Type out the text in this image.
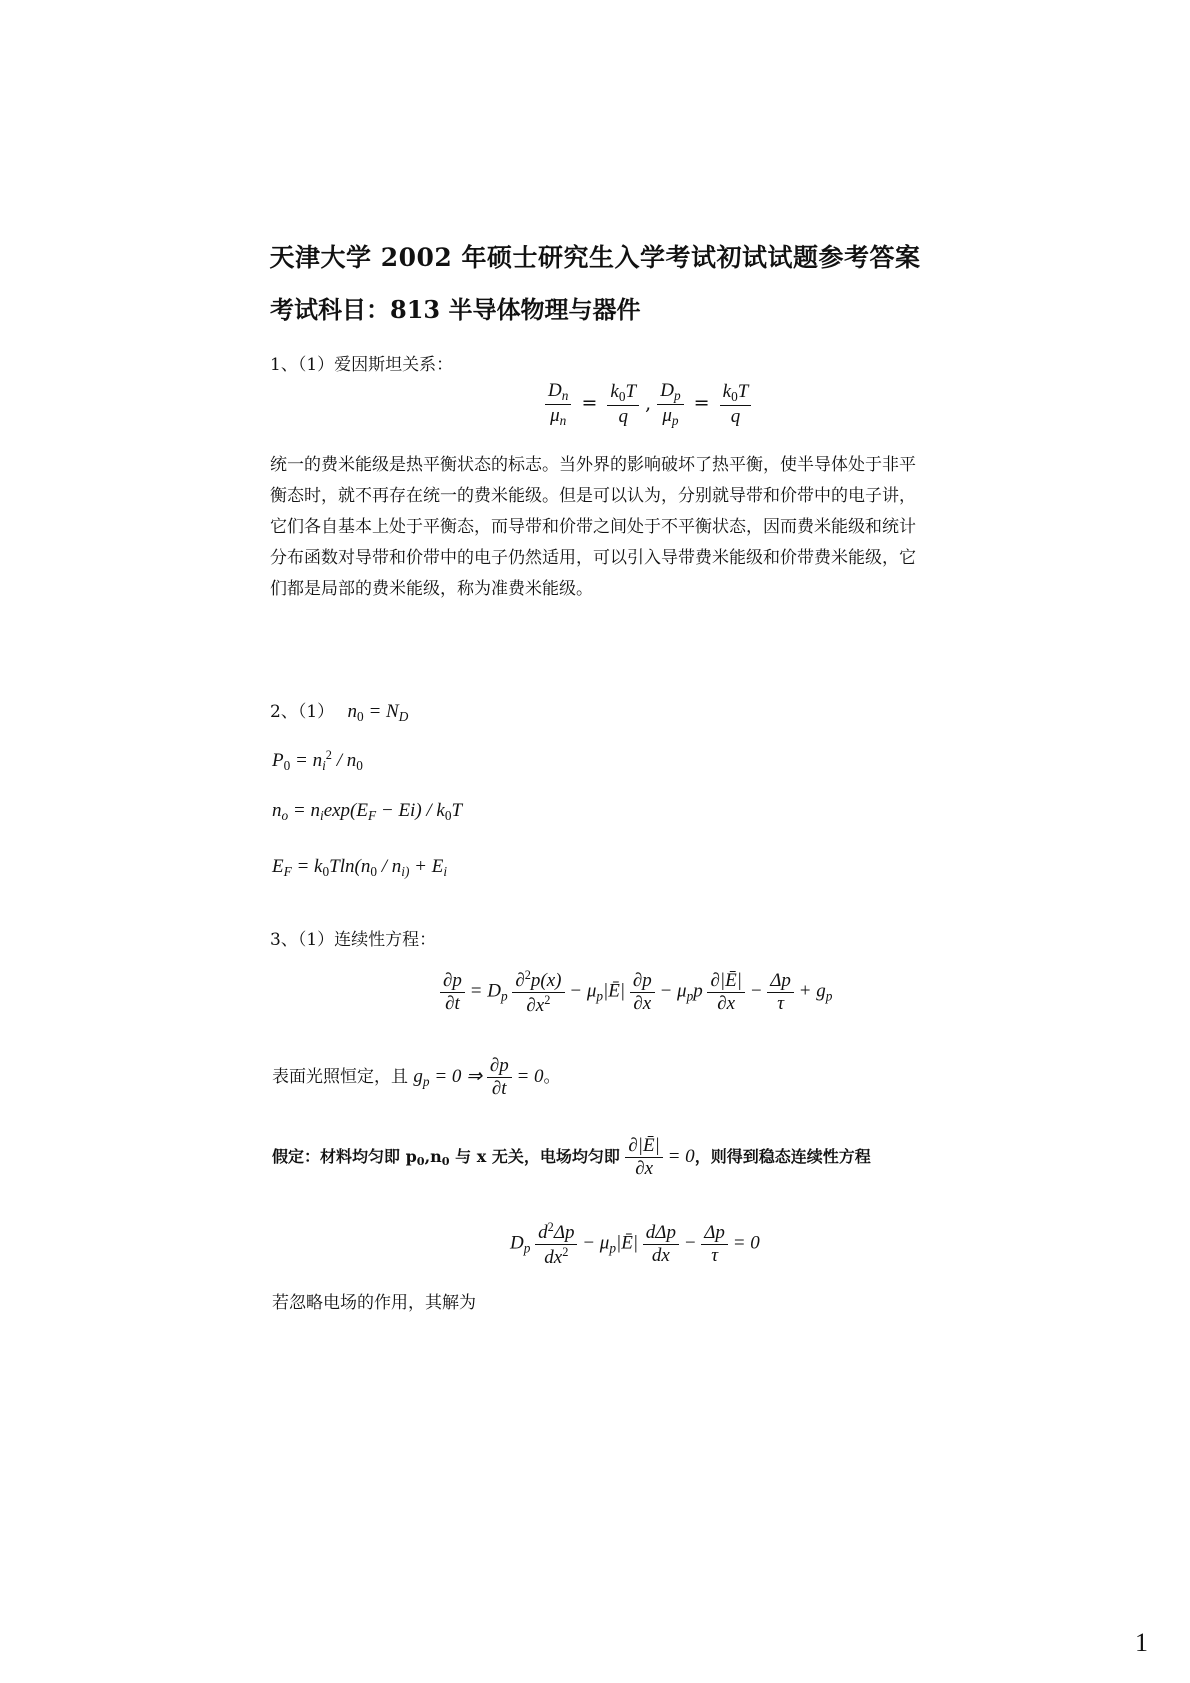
天津大学 2002 年硕士研究生入学考试初试试题参考答案
考试科目：813 半导体物理与器件
1、（1）爱因斯坦关系：
$\frac{D_n}{\mu_n} = \frac{k_0T}{q}$ , $\frac{D_p}{\mu_p} = \frac{k_0T}{q}$

统一的费米能级是热平衡状态的标志。当外界的影响破坏了热平衡，使半导体处于非平

衡态时，就不再存在统一的费米能级。但是可以认为，分别就导带和价带中的电子讲，

它们各自基本上处于平衡态，而导带和价带之间处于不平衡状态，因而费米能级和统计

分布函数对导带和价带中的电子仍然适用，可以引入导带费米能级和价带费米能级，它

们都是局部的费米能级，称为准费米能级。

2、（1） $n_0 = N_D$
$P_0 = n_i^2 / n_0$
$n_o = n_i\exp(E_F - Ei) / k_0T$
$E_F = k_0Tln(n_0 / n_{i)} + E_i$
3、（1）连续性方程：
$\frac{\partial p}{\partial t} = D_p \frac{\partial^2p(x)}{\partial x^2}$ − $\mu_p|Ē| \frac{\partial p}{\partial x} - \mu_pp \frac{\partial|Ē|}{\partial x} - \frac{\Delta p}{\tau} + g_p$
表面光照恒定，且 $g_p = 0$ ⇒ $\frac{\partial p}{\partial t} = 0$。
假定：材料均匀即 $p_0,n_0$ 与 x 无关，电场均匀即 $\frac{\partial|Ē|}{\partial x} = 0$，则得到稳态连续性方程
$D_p \frac{d^2\Delta p}{dx^2}$ − $\mu_p|Ē| \frac{\text{dΔp}}{dx} - \frac{\Delta p}{\tau} = 0$
若忽略电场的作用，其解为
1
